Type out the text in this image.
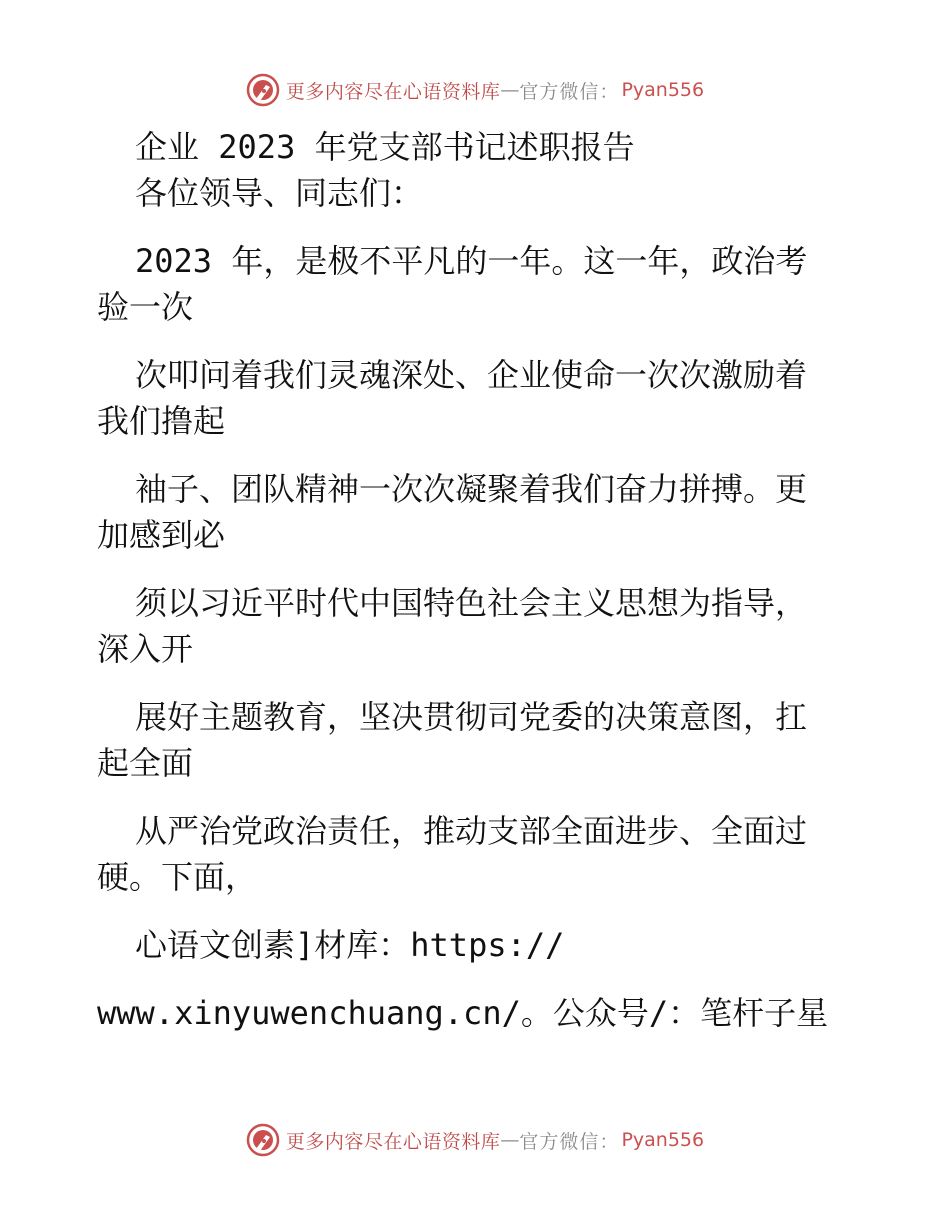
更多内容尽在心语资料库 — 官方微信： Pyan556
企业 2023 年党支部书记述职报告
各位领导、同志们：
2023 年，是极不平凡的一年。这一年，政治考
验一次
次叩问着我们灵魂深处、企业使命一次次激励着
我们撸起
袖子、团队精神一次次凝聚着我们奋力拼搏。更
加感到必
须以习近平时代中国特色社会主义思想为指导，
深入开
展好主题教育，坚决贯彻司党委的决策意图，扛
起全面
从严治党政治责任，推动支部全面进步、全面过
硬。下面，
心语文创素]材库：https://
www.xinyuwenchuang.cn/。公众号/：笔杆子星
更多内容尽在心语资料库 — 官方微信： Pyan556
